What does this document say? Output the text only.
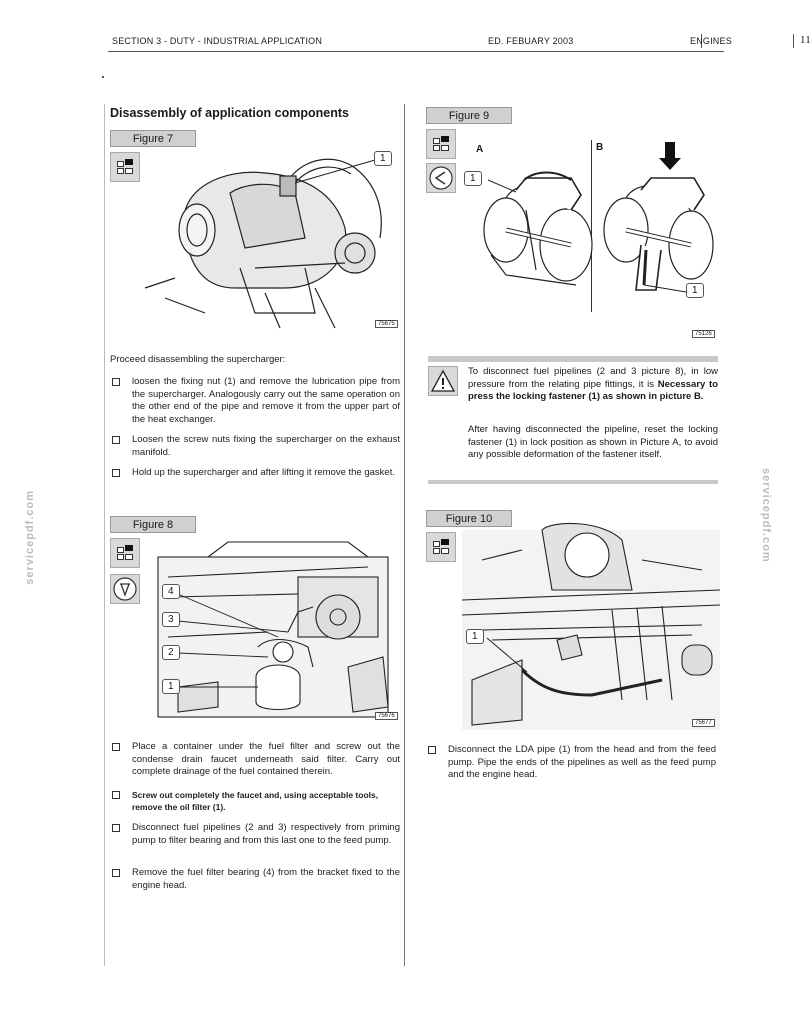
SECTION 3 - DUTY - INDUSTRIAL APPLICATION	ED. FEBUARY 2003	ENGINES	11
servicepdf.com	servicepdf.com
Disassembly of application components
Figure 7
1
75675
Proceed disassembling the supercharger:
loosen the fixing nut (1) and remove the lubrication pipe from the supercharger. Analogously carry out the same operation on the other end of the pipe and remove it from the upper part of the heat exchanger.
Loosen the screw nuts fixing the supercharger on the exhaust manifold.
Hold up the supercharger and after lifting it remove the gasket.
Figure 8
4
3
2
1
75676
Place a container under the fuel filter and screw out the condense drain faucet underneath said filter. Carry out complete drainage of the fuel contained therein.
Screw out completely the faucet and, using acceptable tools, remove the oil filter (1).
Disconnect fuel pipelines (2 and 3) respectively from priming pump to filter bearing and from this last one to the feed pump.
Remove the fuel filter bearing (4) from the bracket fixed to the engine head.
Figure 9
A	B
1
1
75126
To disconnect fuel pipelines (2 and 3 picture 8), in low pressure from the relating pipe fittings, it is Necessary to press the locking fastener (1) as shown in picture B.
After having disconnected the pipeline, reset the locking fastener (1) in lock position as shown in Picture A, to avoid any possible deformation of the fastener itself.
Figure 10
1
75677
Disconnect the LDA pipe (1) from the head and from the feed pump. Pipe the ends of the pipelines as well as the feed pump and the engine head.
